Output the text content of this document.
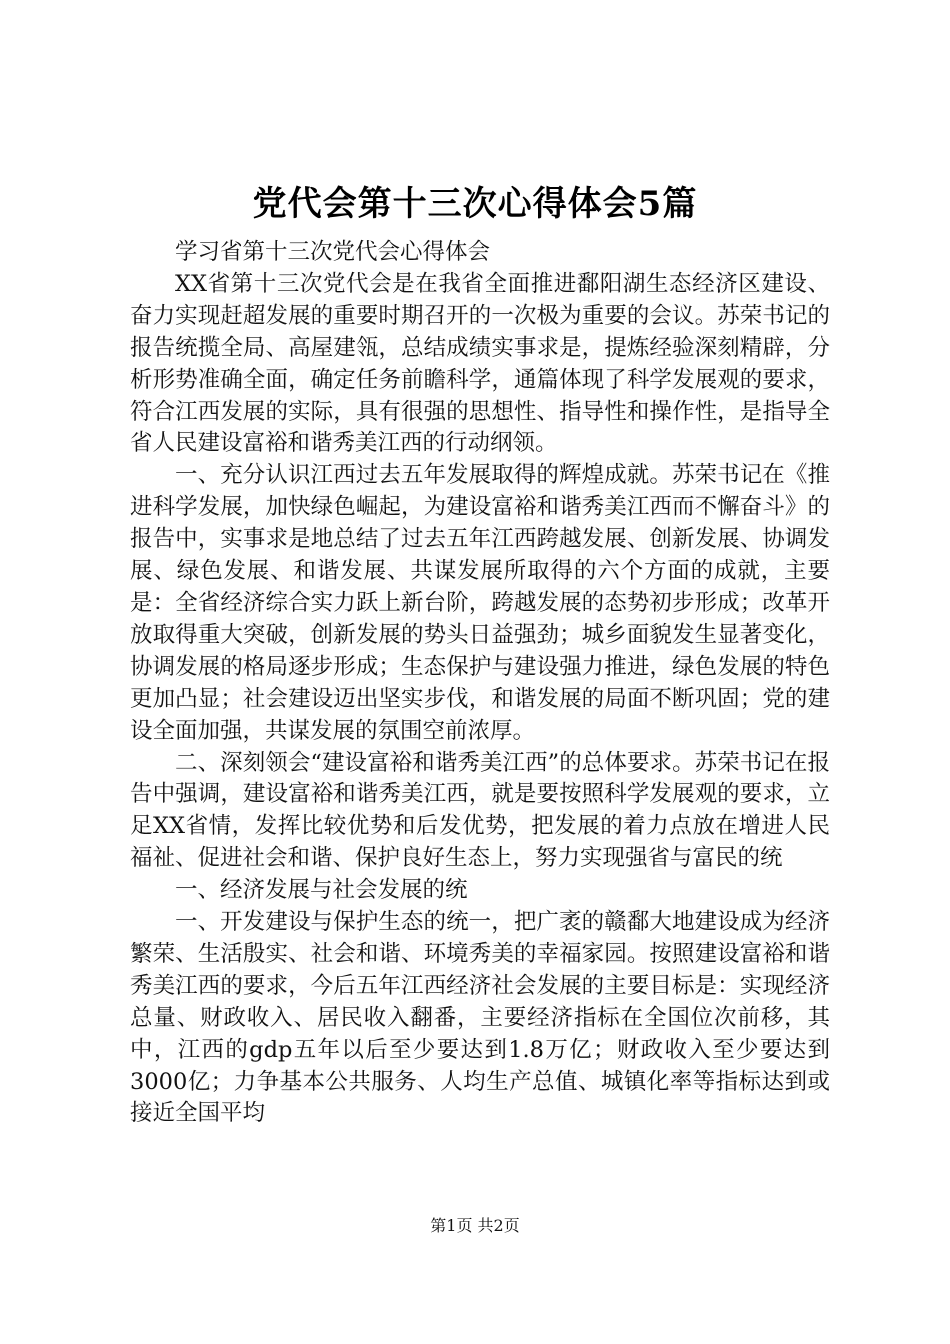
党代会第十三次心得体会5篇

学习省第十三次党代会心得体会

XX省第十三次党代会是在我省全面推进鄱阳湖生态经济区建设、奋力实现赶超发展的重要时期召开的一次极为重要的会议。苏荣书记的报告统揽全局、高屋建瓴，总结成绩实事求是，提炼经验深刻精辟，分析形势准确全面，确定任务前瞻科学，通篇体现了科学发展观的要求，符合江西发展的实际，具有很强的思想性、指导性和操作性，是指导全省人民建设富裕和谐秀美江西的行动纲领。

一、充分认识江西过去五年发展取得的辉煌成就。苏荣书记在《推进科学发展，加快绿色崛起，为建设富裕和谐秀美江西而不懈奋斗》的报告中，实事求是地总结了过去五年江西跨越发展、创新发展、协调发展、绿色发展、和谐发展、共谋发展所取得的六个方面的成就，主要是：全省经济综合实力跃上新台阶，跨越发展的态势初步形成；改革开放取得重大突破，创新发展的势头日益强劲；城乡面貌发生显著变化，协调发展的格局逐步形成；生态保护与建设强力推进，绿色发展的特色更加凸显；社会建设迈出坚实步伐，和谐发展的局面不断巩固；党的建设全面加强，共谋发展的氛围空前浓厚。

二、深刻领会“建设富裕和谐秀美江西”的总体要求。苏荣书记在报告中强调，建设富裕和谐秀美江西，就是要按照科学发展观的要求，立足XX省情，发挥比较优势和后发优势，把发展的着力点放在增进人民福祉、促进社会和谐、保护良好生态上，努力实现强省与富民的统

一、经济发展与社会发展的统

一、开发建设与保护生态的统一，把广袤的赣鄱大地建设成为经济繁荣、生活殷实、社会和谐、环境秀美的幸福家园。按照建设富裕和谐秀美江西的要求，今后五年江西经济社会发展的主要目标是：实现经济总量、财政收入、居民收入翻番，主要经济指标在全国位次前移，其中，江西的gdp五年以后至少要达到1.8万亿；财政收入至少要达到3000亿；力争基本公共服务、人均生产总值、城镇化率等指标达到或接近全国平均

第1页 共2页
